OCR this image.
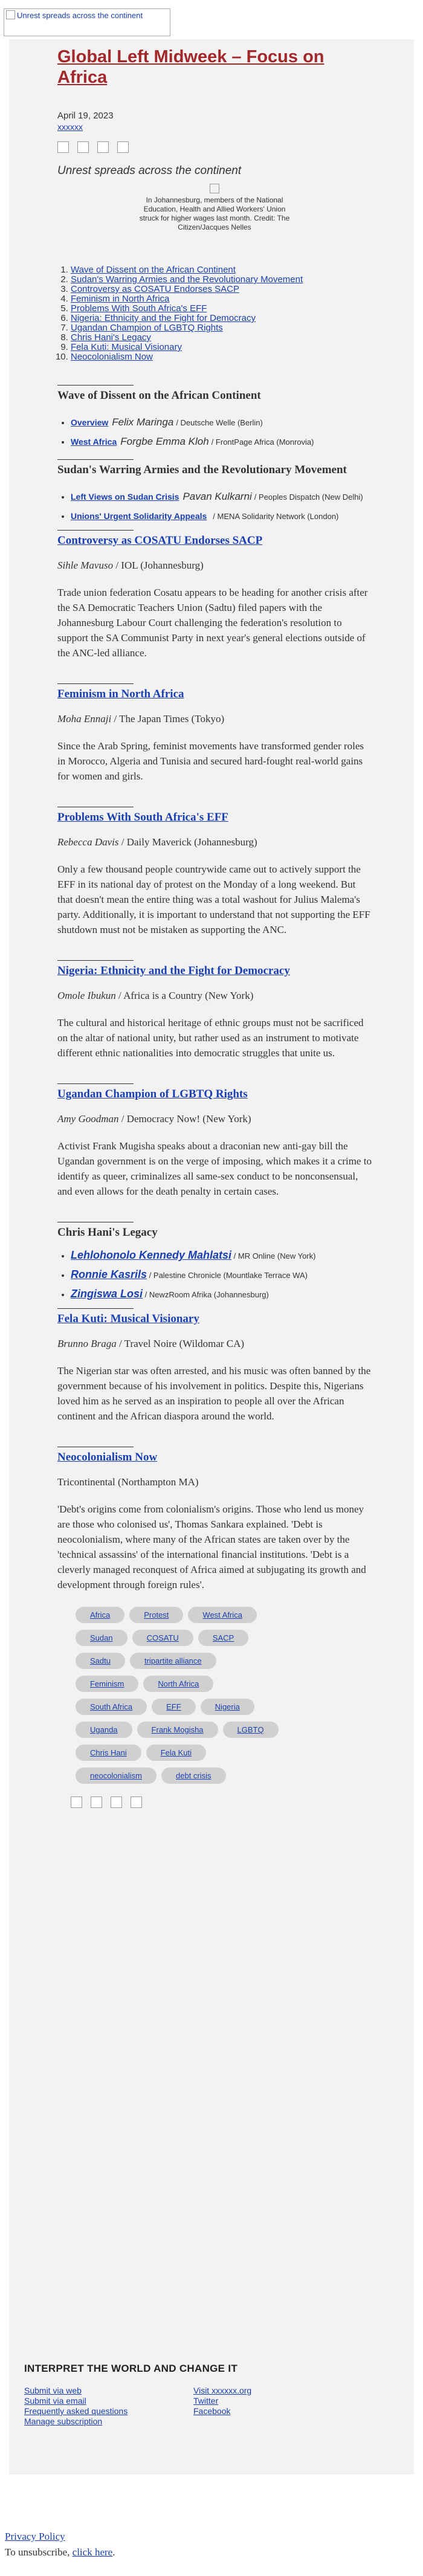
Unrest spreads across the continent
Global Left Midweek – Focus on Africa
April 19, 2023
xxxxxx
Unrest spreads across the continent
In Johannesburg, members of the National Education, Health and Allied Workers' Union struck for higher wages last month. Credit: The Citizen/Jacques Nelles
1. Wave of Dissent on the African Continent
2. Sudan's Warring Armies and the Revolutionary Movement
3. Controversy as COSATU Endorses SACP
4. Feminism in North Africa
5. Problems With South Africa's EFF
6. Nigeria: Ethnicity and the Fight for Democracy
7. Ugandan Champion of LGBTQ Rights
8. Chris Hani's Legacy
9. Fela Kuti: Musical Visionary
10. Neocolonialism Now
Wave of Dissent on the African Continent
• Overview Felix Maringa / Deutsche Welle (Berlin)
• West Africa Forgbe Emma Kloh / FrontPage Africa (Monrovia)
Sudan's Warring Armies and the Revolutionary Movement
• Left Views on Sudan Crisis Pavan Kulkarni / Peoples Dispatch (New Delhi)
• Unions' Urgent Solidarity Appeals / MENA Solidarity Network (London)
Controversy as COSATU Endorses SACP
Sihle Mavuso / IOL (Johannesburg)
Trade union federation Cosatu appears to be heading for another crisis after the SA Democratic Teachers Union (Sadtu) filed papers with the Johannesburg Labour Court challenging the federation's resolution to support the SA Communist Party in next year's general elections outside of the ANC-led alliance.
Feminism in North Africa
Moha Ennaji / The Japan Times (Tokyo)
Since the Arab Spring, feminist movements have transformed gender roles in Morocco, Algeria and Tunisia and secured hard-fought real-world gains for women and girls.
Problems With South Africa's EFF
Rebecca Davis / Daily Maverick (Johannesburg)
Only a few thousand people countrywide came out to actively support the EFF in its national day of protest on the Monday of a long weekend. But that doesn't mean the entire thing was a total washout for Julius Malema's party. Additionally, it is important to understand that not supporting the EFF shutdown must not be mistaken as supporting the ANC.
Nigeria: Ethnicity and the Fight for Democracy
Omole Ibukun / Africa is a Country (New York)
The cultural and historical heritage of ethnic groups must not be sacrificed on the altar of national unity, but rather used as an instrument to motivate different ethnic nationalities into democratic struggles that unite us.
Ugandan Champion of LGBTQ Rights
Amy Goodman / Democracy Now! (New York)
Activist Frank Mugisha speaks about a draconian new anti-gay bill the Ugandan government is on the verge of imposing, which makes it a crime to identify as queer, criminalizes all same-sex conduct to be nonconsensual, and even allows for the death penalty in certain cases.
Chris Hani's Legacy
• Lehlohonolo Kennedy Mahlatsi / MR Online (New York)
• Ronnie Kasrils / Palestine Chronicle (Mountlake Terrace WA)
• Zingiswa Losi / NewzRoom Afrika (Johannesburg)
Fela Kuti: Musical Visionary
Brunno Braga / Travel Noire (Wildomar CA)
The Nigerian star was often arrested, and his music was often banned by the government because of his involvement in politics. Despite this, Nigerians loved him as he served as an inspiration to people all over the African continent and the African diaspora around the world.
Neocolonialism Now
Tricontinental (Northampton MA)
'Debt's origins come from colonialism's origins. Those who lend us money are those who colonised us', Thomas Sankara explained. 'Debt is neocolonialism, where many of the African states are taken over by the 'technical assassins' of the international financial institutions. 'Debt is a cleverly managed reconquest of Africa aimed at subjugating its growth and development through foreign rules'.
Africa	Protest	West Africa
Sudan	COSATU	SACP
Sadtu	tripartite alliance
Feminism	North Africa
South Africa	EFF	Nigeria
Uganda	Frank Mogisha	LGBTQ
Chris Hani	Fela Kuti
neocolonialism	debt crisis
INTERPRET THE WORLD AND CHANGE IT
Submit via web
Submit via email
Frequently asked questions
Manage subscription
Visit xxxxxx.org
Twitter
Facebook
Privacy Policy
To unsubscribe, click here.
